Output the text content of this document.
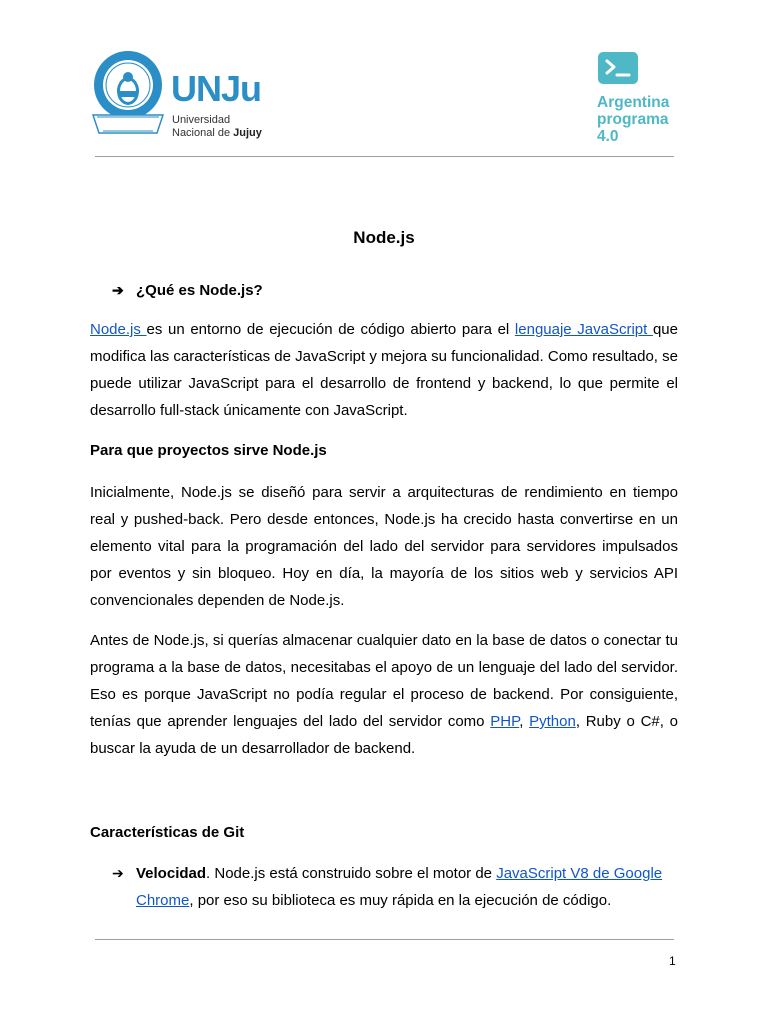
UNJu
Universidad
Nacional de Jujuy
Argentina
programa
4.0
Node.js
➔ ¿Qué es Node.js?
Node.js es un entorno de ejecución de código abierto para el lenguaje JavaScript que modifica las características de JavaScript y mejora su funcionalidad. Como resultado, se puede utilizar JavaScript para el desarrollo de frontend y backend, lo que permite el desarrollo full-stack únicamente con JavaScript.
Para que proyectos sirve Node.js
Inicialmente, Node.js se diseñó para servir a arquitecturas de rendimiento en tiempo real y pushed-back. Pero desde entonces, Node.js ha crecido hasta convertirse en un elemento vital para la programación del lado del servidor para servidores impulsados por eventos y sin bloqueo. Hoy en día, la mayoría de los sitios web y servicios API convencionales dependen de Node.js.
Antes de Node.js, si querías almacenar cualquier dato en la base de datos o conectar tu programa a la base de datos, necesitabas el apoyo de un lenguaje del lado del servidor. Eso es porque JavaScript no podía regular el proceso de backend. Por consiguiente, tenías que aprender lenguajes del lado del servidor como PHP, Python, Ruby o C#, o buscar la ayuda de un desarrollador de backend.
Características de Git
➔ Velocidad. Node.js está construido sobre el motor de JavaScript V8 de Google Chrome, por eso su biblioteca es muy rápida en la ejecución de código.
1
